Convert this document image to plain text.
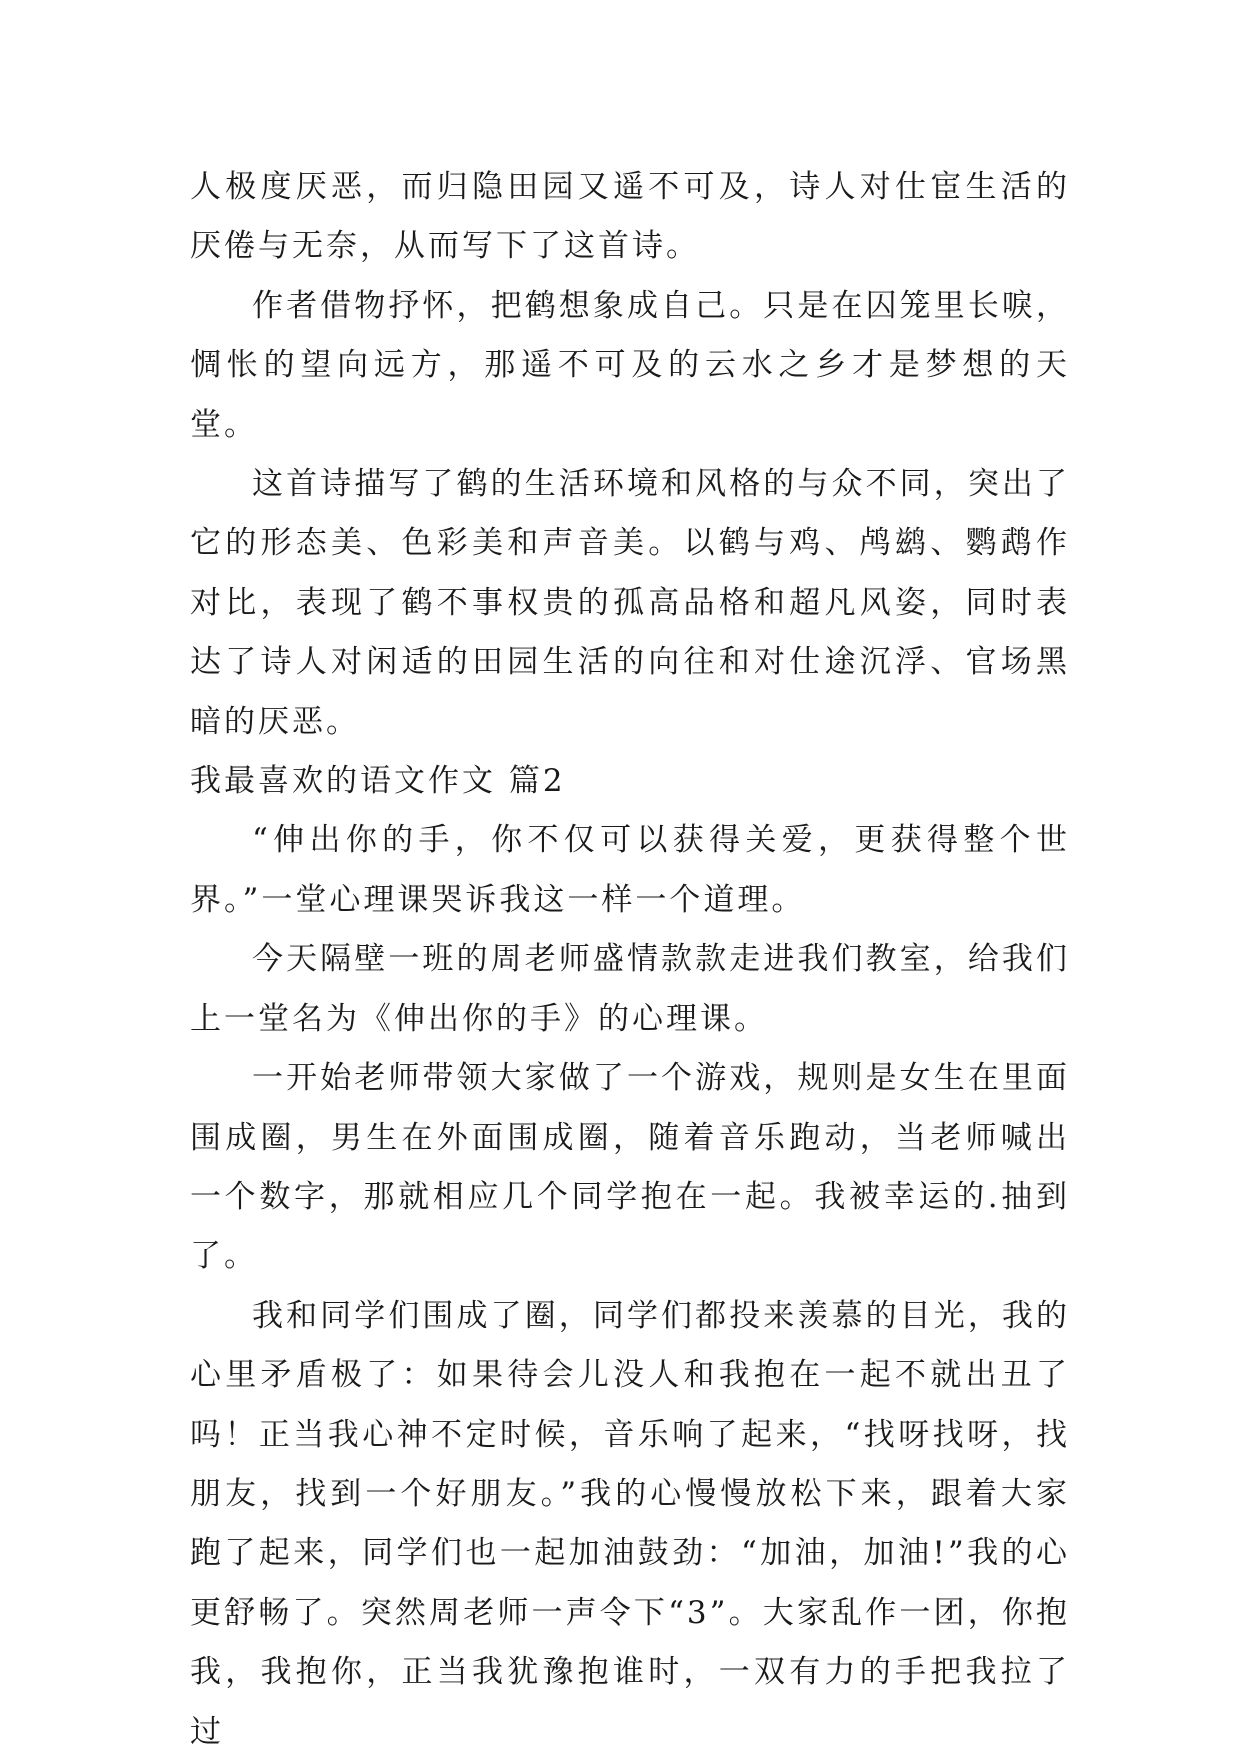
人极度厌恶，而归隐田园又遥不可及，诗人对仕宦生活的厌倦与无奈，从而写下了这首诗。

作者借物抒怀，把鹤想象成自己。只是在囚笼里长唳，惆怅的望向远方，那遥不可及的云水之乡才是梦想的天堂。

这首诗描写了鹤的生活环境和风格的与众不同，突出了它的形态美、色彩美和声音美。以鹤与鸡、鸬鹚、鹦鹉作对比，表现了鹤不事权贵的孤高品格和超凡风姿，同时表达了诗人对闲适的田园生活的向往和对仕途沉浮、官场黑暗的厌恶。

我最喜欢的语文作文 篇2

“伸出你的手，你不仅可以获得关爱，更获得整个世界。”一堂心理课哭诉我这一样一个道理。

今天隔壁一班的周老师盛情款款走进我们教室，给我们上一堂名为《伸出你的手》的心理课。

一开始老师带领大家做了一个游戏，规则是女生在里面围成圈，男生在外面围成圈，随着音乐跑动，当老师喊出一个数字，那就相应几个同学抱在一起。我被幸运的.抽到了。

我和同学们围成了圈，同学们都投来羡慕的目光，我的心里矛盾极了：如果待会儿没人和我抱在一起不就出丑了吗！正当我心神不定时候，音乐响了起来，“找呀找呀，找朋友，找到一个好朋友。”我的心慢慢放松下来，跟着大家跑了起来，同学们也一起加油鼓劲：“加油，加油!”我的心更舒畅了。突然周老师一声令下“3”。大家乱作一团，你抱我，我抱你，正当我犹豫抱谁时，一双有力的手把我拉了过
